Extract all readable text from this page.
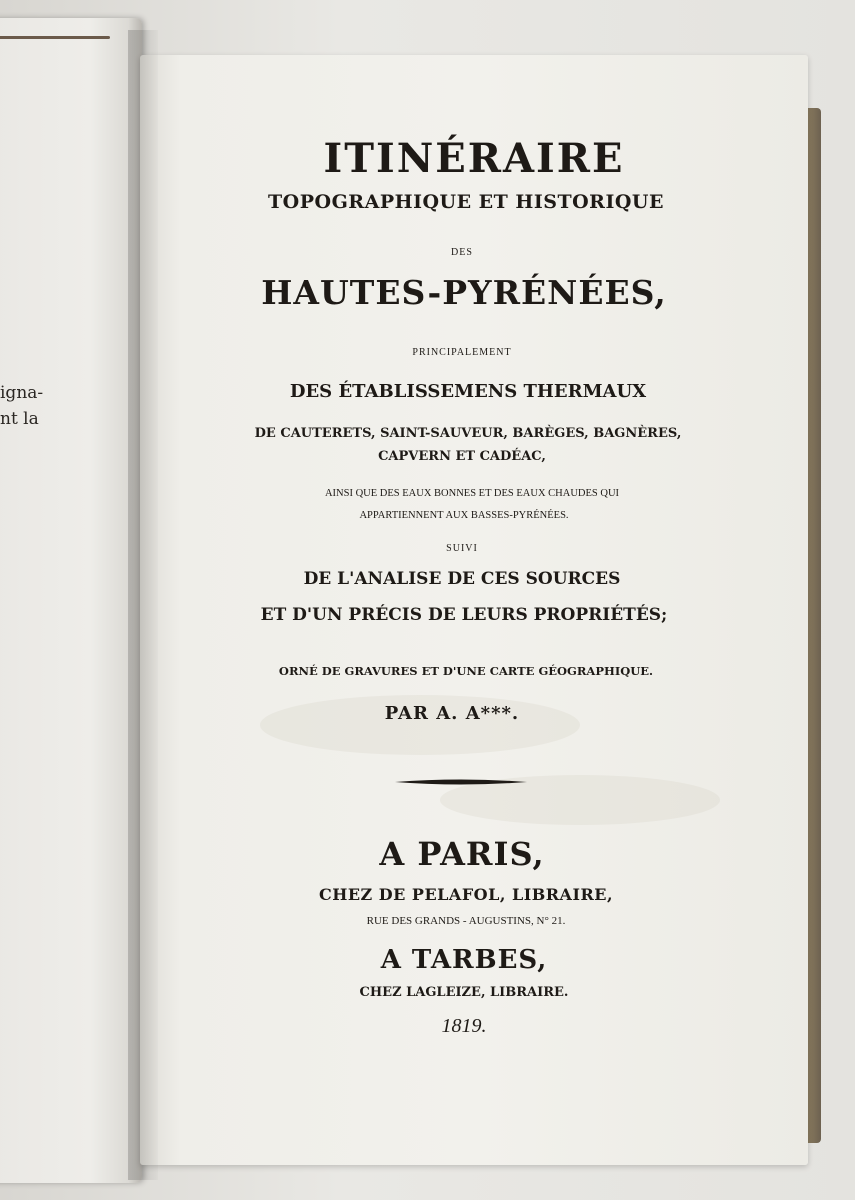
igna-
nt la
ITINÉRAIRE
TOPOGRAPHIQUE ET HISTORIQUE
DES
HAUTES-PYRÉNÉES,
PRINCIPALEMENT
DES ÉTABLISSEMENS THERMAUX
DE CAUTERETS, SAINT-SAUVEUR, BARÈGES, BAGNÈRES,
CAPVERN ET CADÉAC,
AINSI QUE DES EAUX BONNES ET DES EAUX CHAUDES QUI
APPARTIENNENT AUX BASSES-PYRÉNÉES.
SUIVI
DE L'ANALISE DE CES SOURCES
ET D'UN PRÉCIS DE LEURS PROPRIÉTÉS;
ORNÉ DE GRAVURES ET D'UNE CARTE GÉOGRAPHIQUE.
PAR A. A***.
A PARIS,
CHEZ DE PELAFOL, LIBRAIRE,
RUE DES GRANDS - AUGUSTINS, N° 21.
A TARBES,
CHEZ LAGLEIZE, LIBRAIRE.
1819.
